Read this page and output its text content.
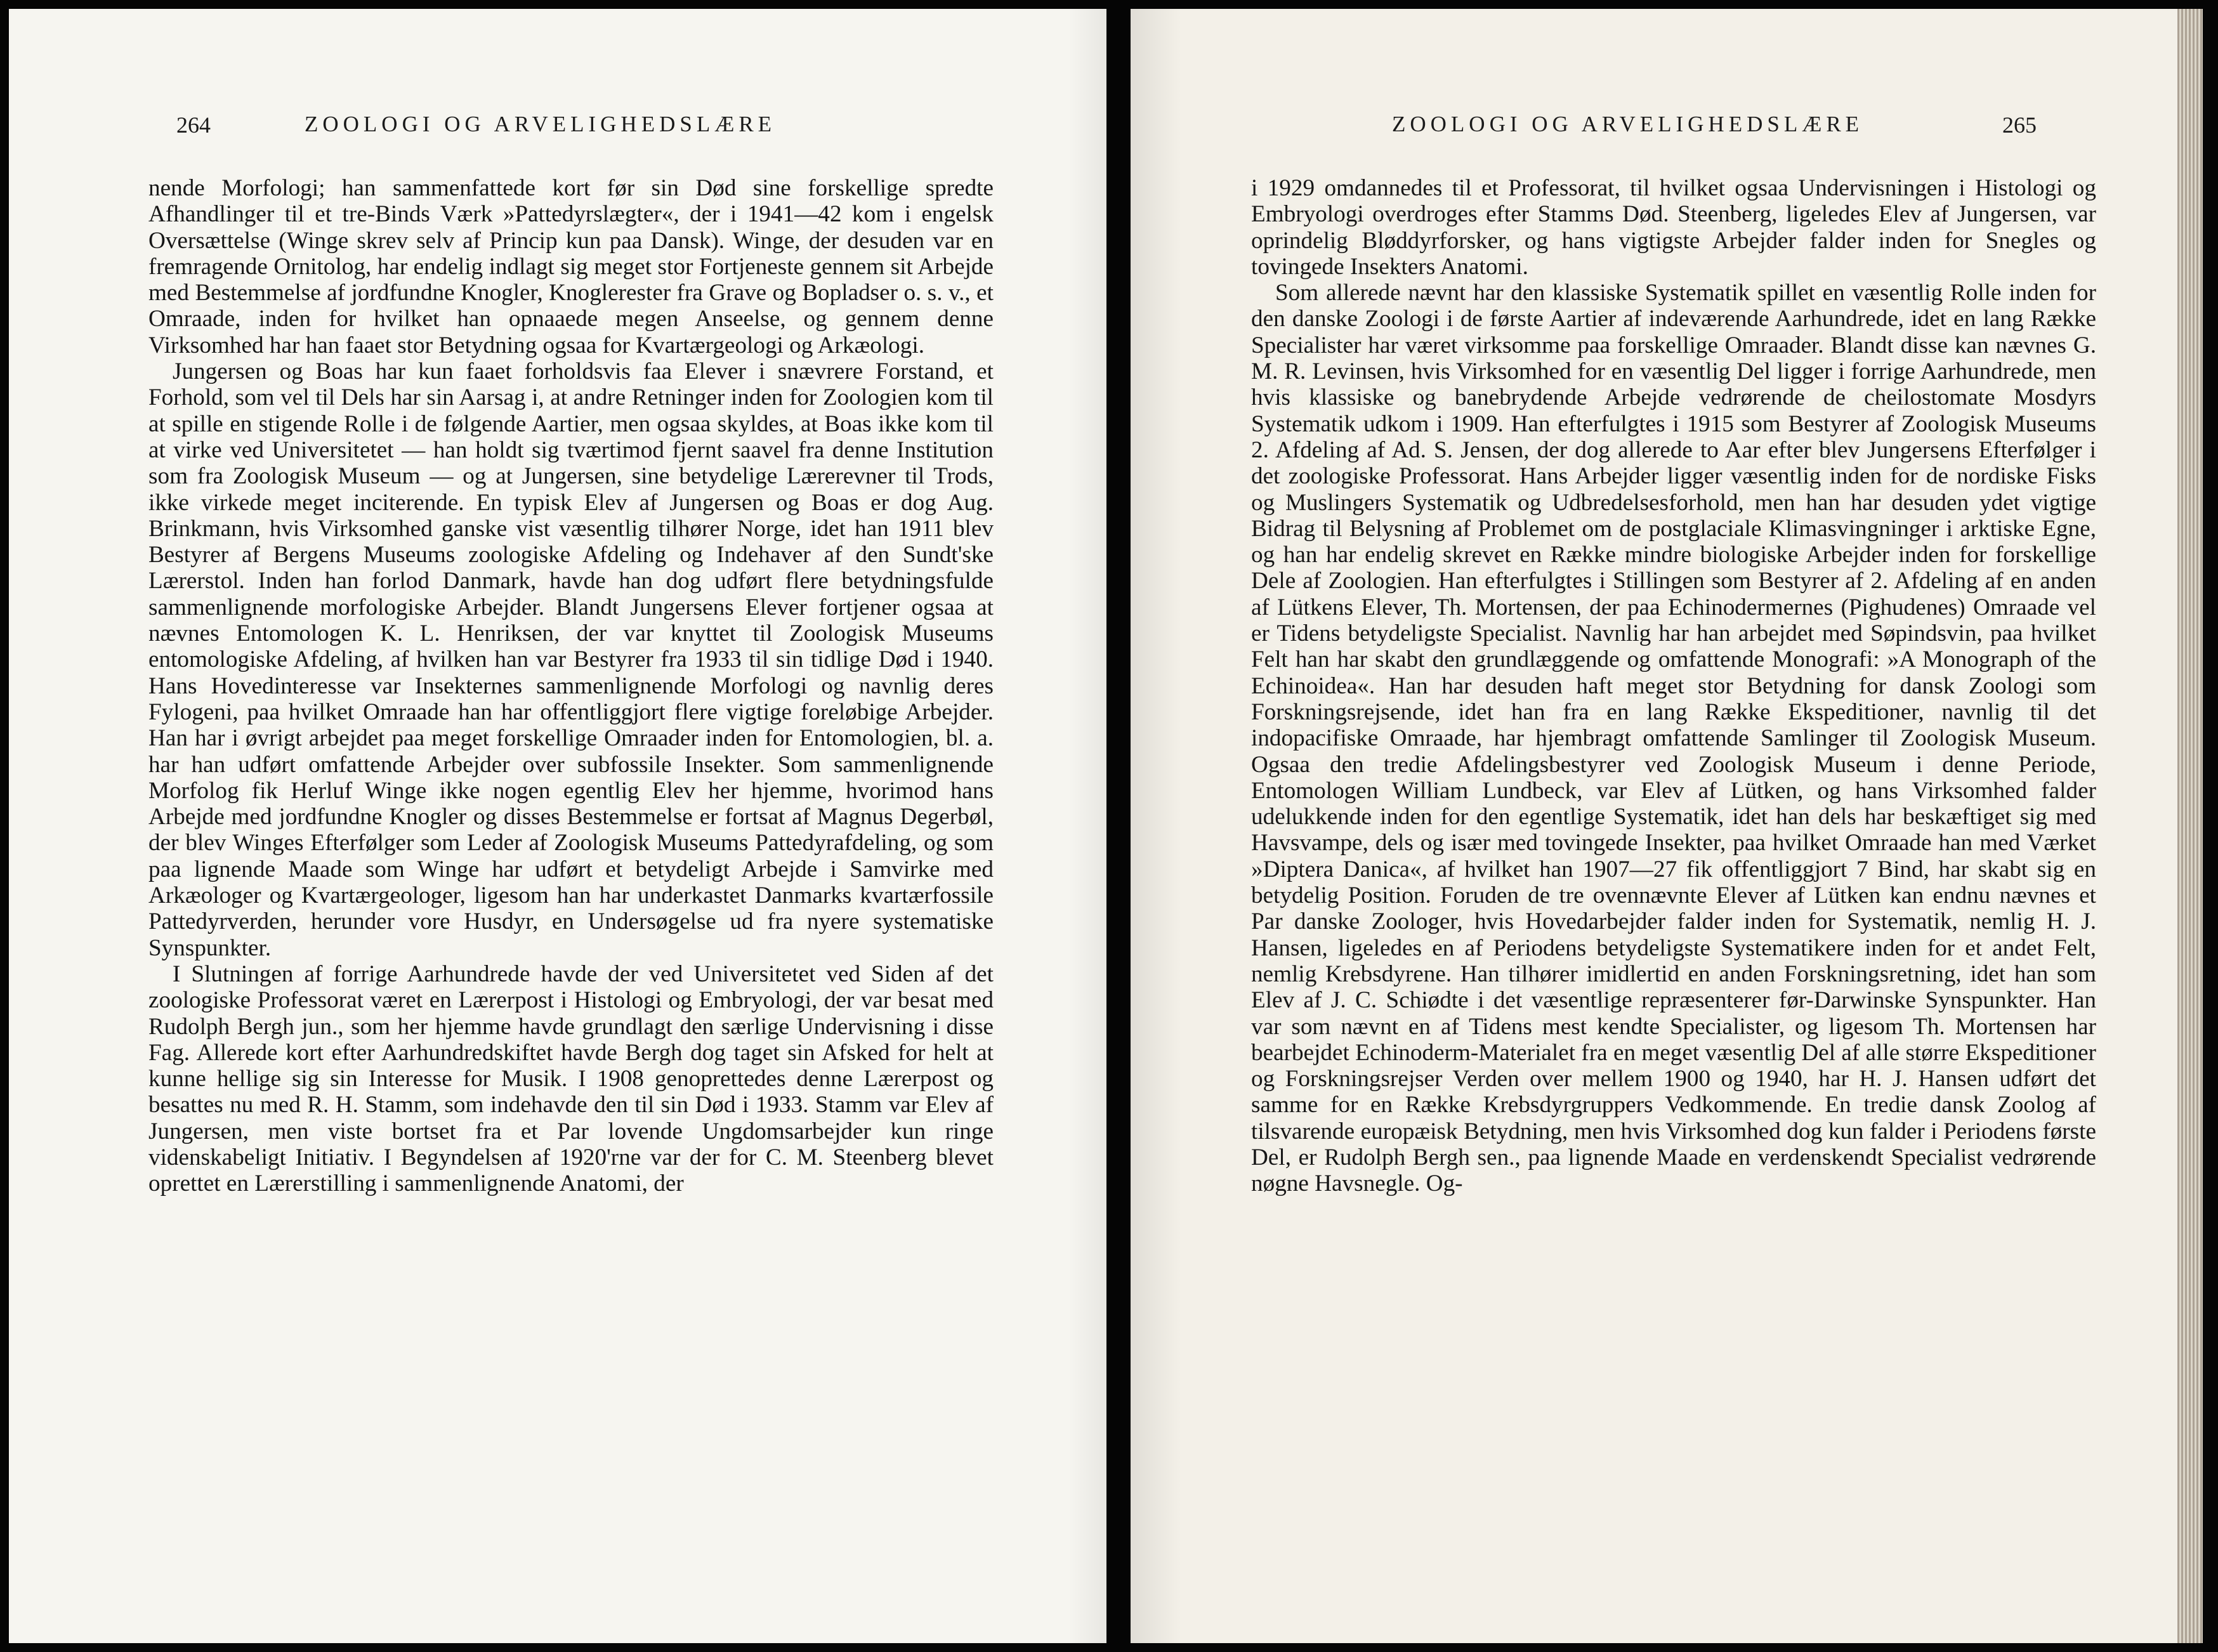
264	ZOOLOGI OG ARVELIGHEDSLÆRE

nende Morfologi; han sammenfattede kort før sin Død sine forskellige spredte Afhandlinger til et tre-Binds Værk »Pattedyrslægter«, der i 1941—42 kom i engelsk Oversættelse (Winge skrev selv af Princip kun paa Dansk). Winge, der desuden var en fremragende Ornitolog, har endelig indlagt sig meget stor Fortjeneste gennem sit Arbejde med Bestemmelse af jordfundne Knogler, Knoglerester fra Grave og Bopladser o. s. v., et Omraade, inden for hvilket han opnaaede megen Anseelse, og gennem denne Virksomhed har han faaet stor Betydning ogsaa for Kvartærgeologi og Arkæologi.

Jungersen og Boas har kun faaet forholdsvis faa Elever i snævrere Forstand, et Forhold, som vel til Dels har sin Aarsag i, at andre Retninger inden for Zoologien kom til at spille en stigende Rolle i de følgende Aartier, men ogsaa skyldes, at Boas ikke kom til at virke ved Universitetet — han holdt sig tværtimod fjernt saavel fra denne Institution som fra Zoologisk Museum — og at Jungersen, sine betydelige Lærerevner til Trods, ikke virkede meget inciterende. En typisk Elev af Jungersen og Boas er dog Aug. Brinkmann, hvis Virksomhed ganske vist væsentlig tilhører Norge, idet han 1911 blev Bestyrer af Bergens Museums zoologiske Afdeling og Indehaver af den Sundt'ske Lærerstol. Inden han forlod Danmark, havde han dog udført flere betydningsfulde sammenlignende morfologiske Arbejder. Blandt Jungersens Elever fortjener ogsaa at nævnes Entomologen K. L. Henriksen, der var knyttet til Zoologisk Museums entomologiske Afdeling, af hvilken han var Bestyrer fra 1933 til sin tidlige Død i 1940. Hans Hovedinteresse var Insekternes sammenlignende Morfologi og navnlig deres Fylogeni, paa hvilket Omraade han har offentliggjort flere vigtige foreløbige Arbejder. Han har i øvrigt arbejdet paa meget forskellige Omraader inden for Entomologien, bl. a. har han udført omfattende Arbejder over subfossile Insekter. Som sammenlignende Morfolog fik Herluf Winge ikke nogen egentlig Elev her hjemme, hvorimod hans Arbejde med jordfundne Knogler og disses Bestemmelse er fortsat af Magnus Degerbøl, der blev Winges Efterfølger som Leder af Zoologisk Museums Pattedyrafdeling, og som paa lignende Maade som Winge har udført et betydeligt Arbejde i Samvirke med Arkæologer og Kvartærgeologer, ligesom han har underkastet Danmarks kvartærfossile Pattedyrverden, herunder vore Husdyr, en Undersøgelse ud fra nyere systematiske Synspunkter.

I Slutningen af forrige Aarhundrede havde der ved Universitetet ved Siden af det zoologiske Professorat været en Lærerpost i Histologi og Embryologi, der var besat med Rudolph Bergh jun., som her hjemme havde grundlagt den særlige Undervisning i disse Fag. Allerede kort efter Aarhundredskiftet havde Bergh dog taget sin Afsked for helt at kunne hellige sig sin Interesse for Musik. I 1908 genoprettedes denne Lærerpost og besattes nu med R. H. Stamm, som indehavde den til sin Død i 1933. Stamm var Elev af Jungersen, men viste bortset fra et Par lovende Ungdomsarbejder kun ringe videnskabeligt Initiativ. I Begyndelsen af 1920'rne var der for C. M. Steenberg blevet oprettet en Lærerstilling i sammenlignende Anatomi, der

ZOOLOGI OG ARVELIGHEDSLÆRE	265

i 1929 omdannedes til et Professorat, til hvilket ogsaa Undervisningen i Histologi og Embryologi overdroges efter Stamms Død. Steenberg, ligeledes Elev af Jungersen, var oprindelig Bløddyrforsker, og hans vigtigste Arbejder falder inden for Snegles og tovingede Insekters Anatomi.

Som allerede nævnt har den klassiske Systematik spillet en væsentlig Rolle inden for den danske Zoologi i de første Aartier af indeværende Aarhundrede, idet en lang Række Specialister har været virksomme paa forskellige Omraader. Blandt disse kan nævnes G. M. R. Levinsen, hvis Virksomhed for en væsentlig Del ligger i forrige Aarhundrede, men hvis klassiske og banebrydende Arbejde vedrørende de cheilostomate Mosdyrs Systematik udkom i 1909. Han efterfulgtes i 1915 som Bestyrer af Zoologisk Museums 2. Afdeling af Ad. S. Jensen, der dog allerede to Aar efter blev Jungersens Efterfølger i det zoologiske Professorat. Hans Arbejder ligger væsentlig inden for de nordiske Fisks og Muslingers Systematik og Udbredelsesforhold, men han har desuden ydet vigtige Bidrag til Belysning af Problemet om de postglaciale Klimasvingninger i arktiske Egne, og han har endelig skrevet en Række mindre biologiske Arbejder inden for forskellige Dele af Zoologien. Han efterfulgtes i Stillingen som Bestyrer af 2. Afdeling af en anden af Lütkens Elever, Th. Mortensen, der paa Echinodermernes (Pighudenes) Omraade vel er Tidens betydeligste Specialist. Navnlig har han arbejdet med Søpindsvin, paa hvilket Felt han har skabt den grundlæggende og omfattende Monografi: »A Monograph of the Echinoidea«. Han har desuden haft meget stor Betydning for dansk Zoologi som Forskningsrejsende, idet han fra en lang Række Ekspeditioner, navnlig til det indopacifiske Omraade, har hjembragt omfattende Samlinger til Zoologisk Museum. Ogsaa den tredie Afdelingsbestyrer ved Zoologisk Museum i denne Periode, Entomologen William Lundbeck, var Elev af Lütken, og hans Virksomhed falder udelukkende inden for den egentlige Systematik, idet han dels har beskæftiget sig med Havsvampe, dels og især med tovingede Insekter, paa hvilket Omraade han med Værket »Diptera Danica«, af hvilket han 1907—27 fik offentliggjort 7 Bind, har skabt sig en betydelig Position. Foruden de tre ovennævnte Elever af Lütken kan endnu nævnes et Par danske Zoologer, hvis Hovedarbejder falder inden for Systematik, nemlig H. J. Hansen, ligeledes en af Periodens betydeligste Systematikere inden for et andet Felt, nemlig Krebsdyrene. Han tilhører imidlertid en anden Forskningsretning, idet han som Elev af J. C. Schiødte i det væsentlige repræsenterer før-Darwinske Synspunkter. Han var som nævnt en af Tidens mest kendte Specialister, og ligesom Th. Mortensen har bearbejdet Echinoderm-Materialet fra en meget væsentlig Del af alle større Ekspeditioner og Forskningsrejser Verden over mellem 1900 og 1940, har H. J. Hansen udført det samme for en Række Krebsdyrgruppers Vedkommende. En tredie dansk Zoolog af tilsvarende europæisk Betydning, men hvis Virksomhed dog kun falder i Periodens første Del, er Rudolph Bergh sen., paa lignende Maade en verdenskendt Specialist vedrørende nøgne Havsnegle. Og-
